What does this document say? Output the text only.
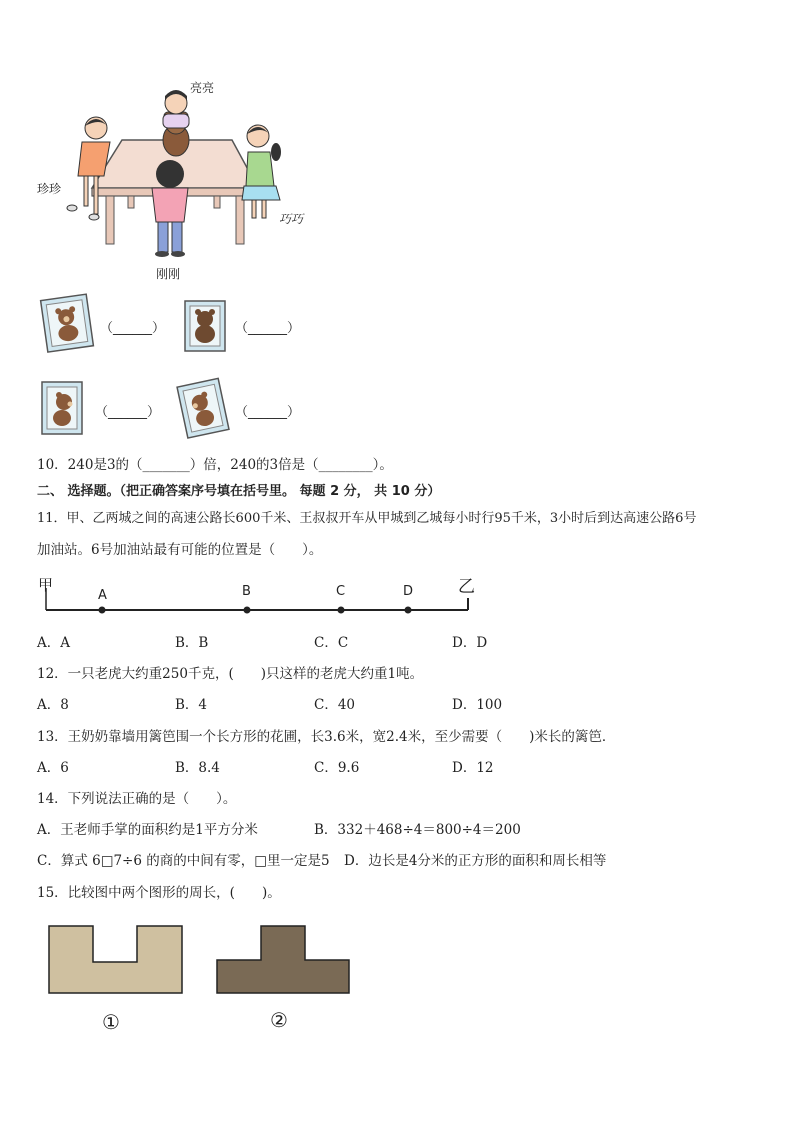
亮亮
珍珍
巧巧
刚刚
（______）	（______）
（______）	（______）
10．240是3的（_______）倍，240的3倍是（________）。
二、 选择题。（把正确答案序号填在括号里。 每题 2 分， 共 10 分）
11．甲、乙两城之间的高速公路长600千米、王叔叔开车从甲城到乙城每小时行95千米，3小时后到达高速公路6号
加油站。6号加油站最有可能的位置是（　　）。
甲	乙
A	B	C	D
A．A	B．B	C．C	D．D
12．一只老虎大约重250千克，(　　)只这样的老虎大约重1吨。
A．8	B．4	C．40	D．100
13．王奶奶靠墙用篱笆围一个长方形的花圃，长3.6米，宽2.4米，至少需要（　　)米长的篱笆．
A．6	B．8.4	C．9.6	D．12
14．下列说法正确的是（　　）。
A．王老师手掌的面积约是1平方分米	B．332＋468÷4＝800÷4＝200
C．算式 6□7÷6 的商的中间有零，□里一定是5 D．边长是4分米的正方形的面积和周长相等
15．比较图中两个图形的周长，(　　)。
①	②
